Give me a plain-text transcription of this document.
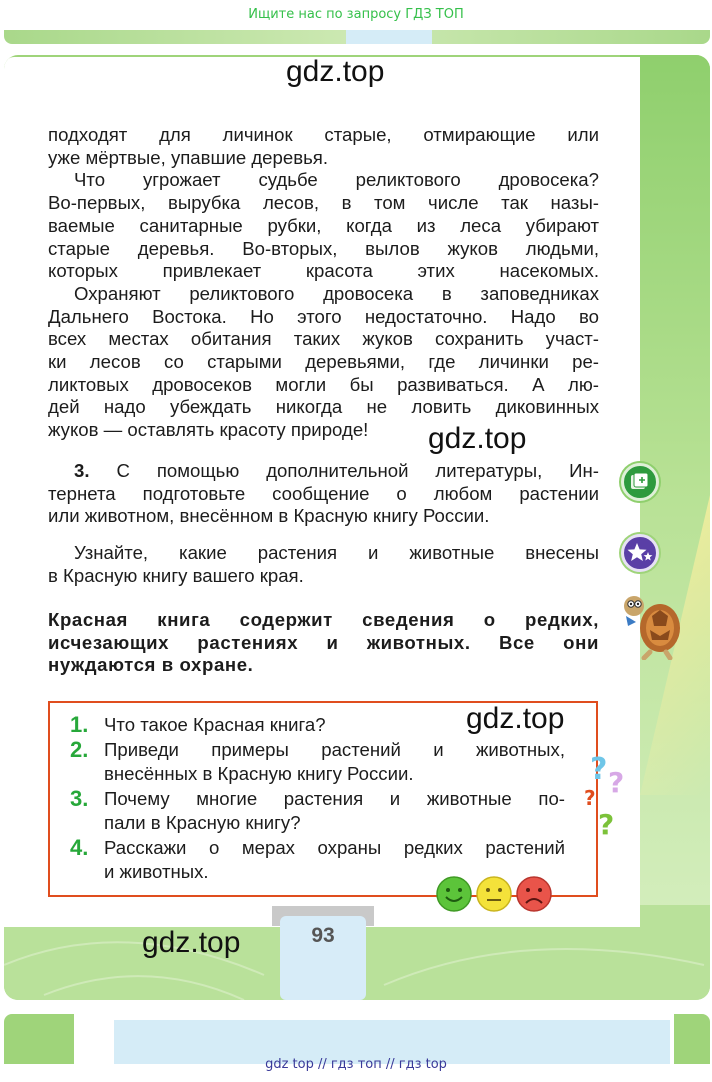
Ищите нас по запросу ГДЗ ТОП
gdz.top
gdz.top
gdz.top
gdz.top

подходят для личинок старые, отмирающие или

уже мёртвые, упавшие деревья.

Что угрожает судьбе реликтового дровосека?

Во-первых, вырубка лесов, в том числе так назы-

ваемые санитарные рубки, когда из леса убирают

старые деревья. Во-вторых, вылов жуков людьми,

которых привлекает красота этих насекомых.

Охраняют реликтового дровосека в заповедниках

Дальнего Востока. Но этого недостаточно. Надо во

всех местах обитания таких жуков сохранить участ-

ки лесов со старыми деревьями, где личинки ре-

ликтовых дровосеков могли бы развиваться. А лю-

дей надо убеждать никогда не ловить диковинных

жуков — оставлять красоту природе!

3. С помощью дополнительной литературы, Ин-

тернета подготовьте сообщение о любом растении

или животном, внесённом в Красную книгу России.

Узнайте, какие растения и животные внесены

в Красную книгу вашего края.

Красная книга содержит сведения о редких,

исчезающих растениях и животных. Все они

нуждаются в охране.

1. Что такое Красная книга?
2. Приведи примеры растений и животных,
внесённых в Красную книгу России.
3. Почему многие растения и животные по-
пали в Красную книгу?
4. Расскажи о мерах охраны редких растений
и животных.
? ?
?
?
93
gdz top // гдз топ // гдз top
